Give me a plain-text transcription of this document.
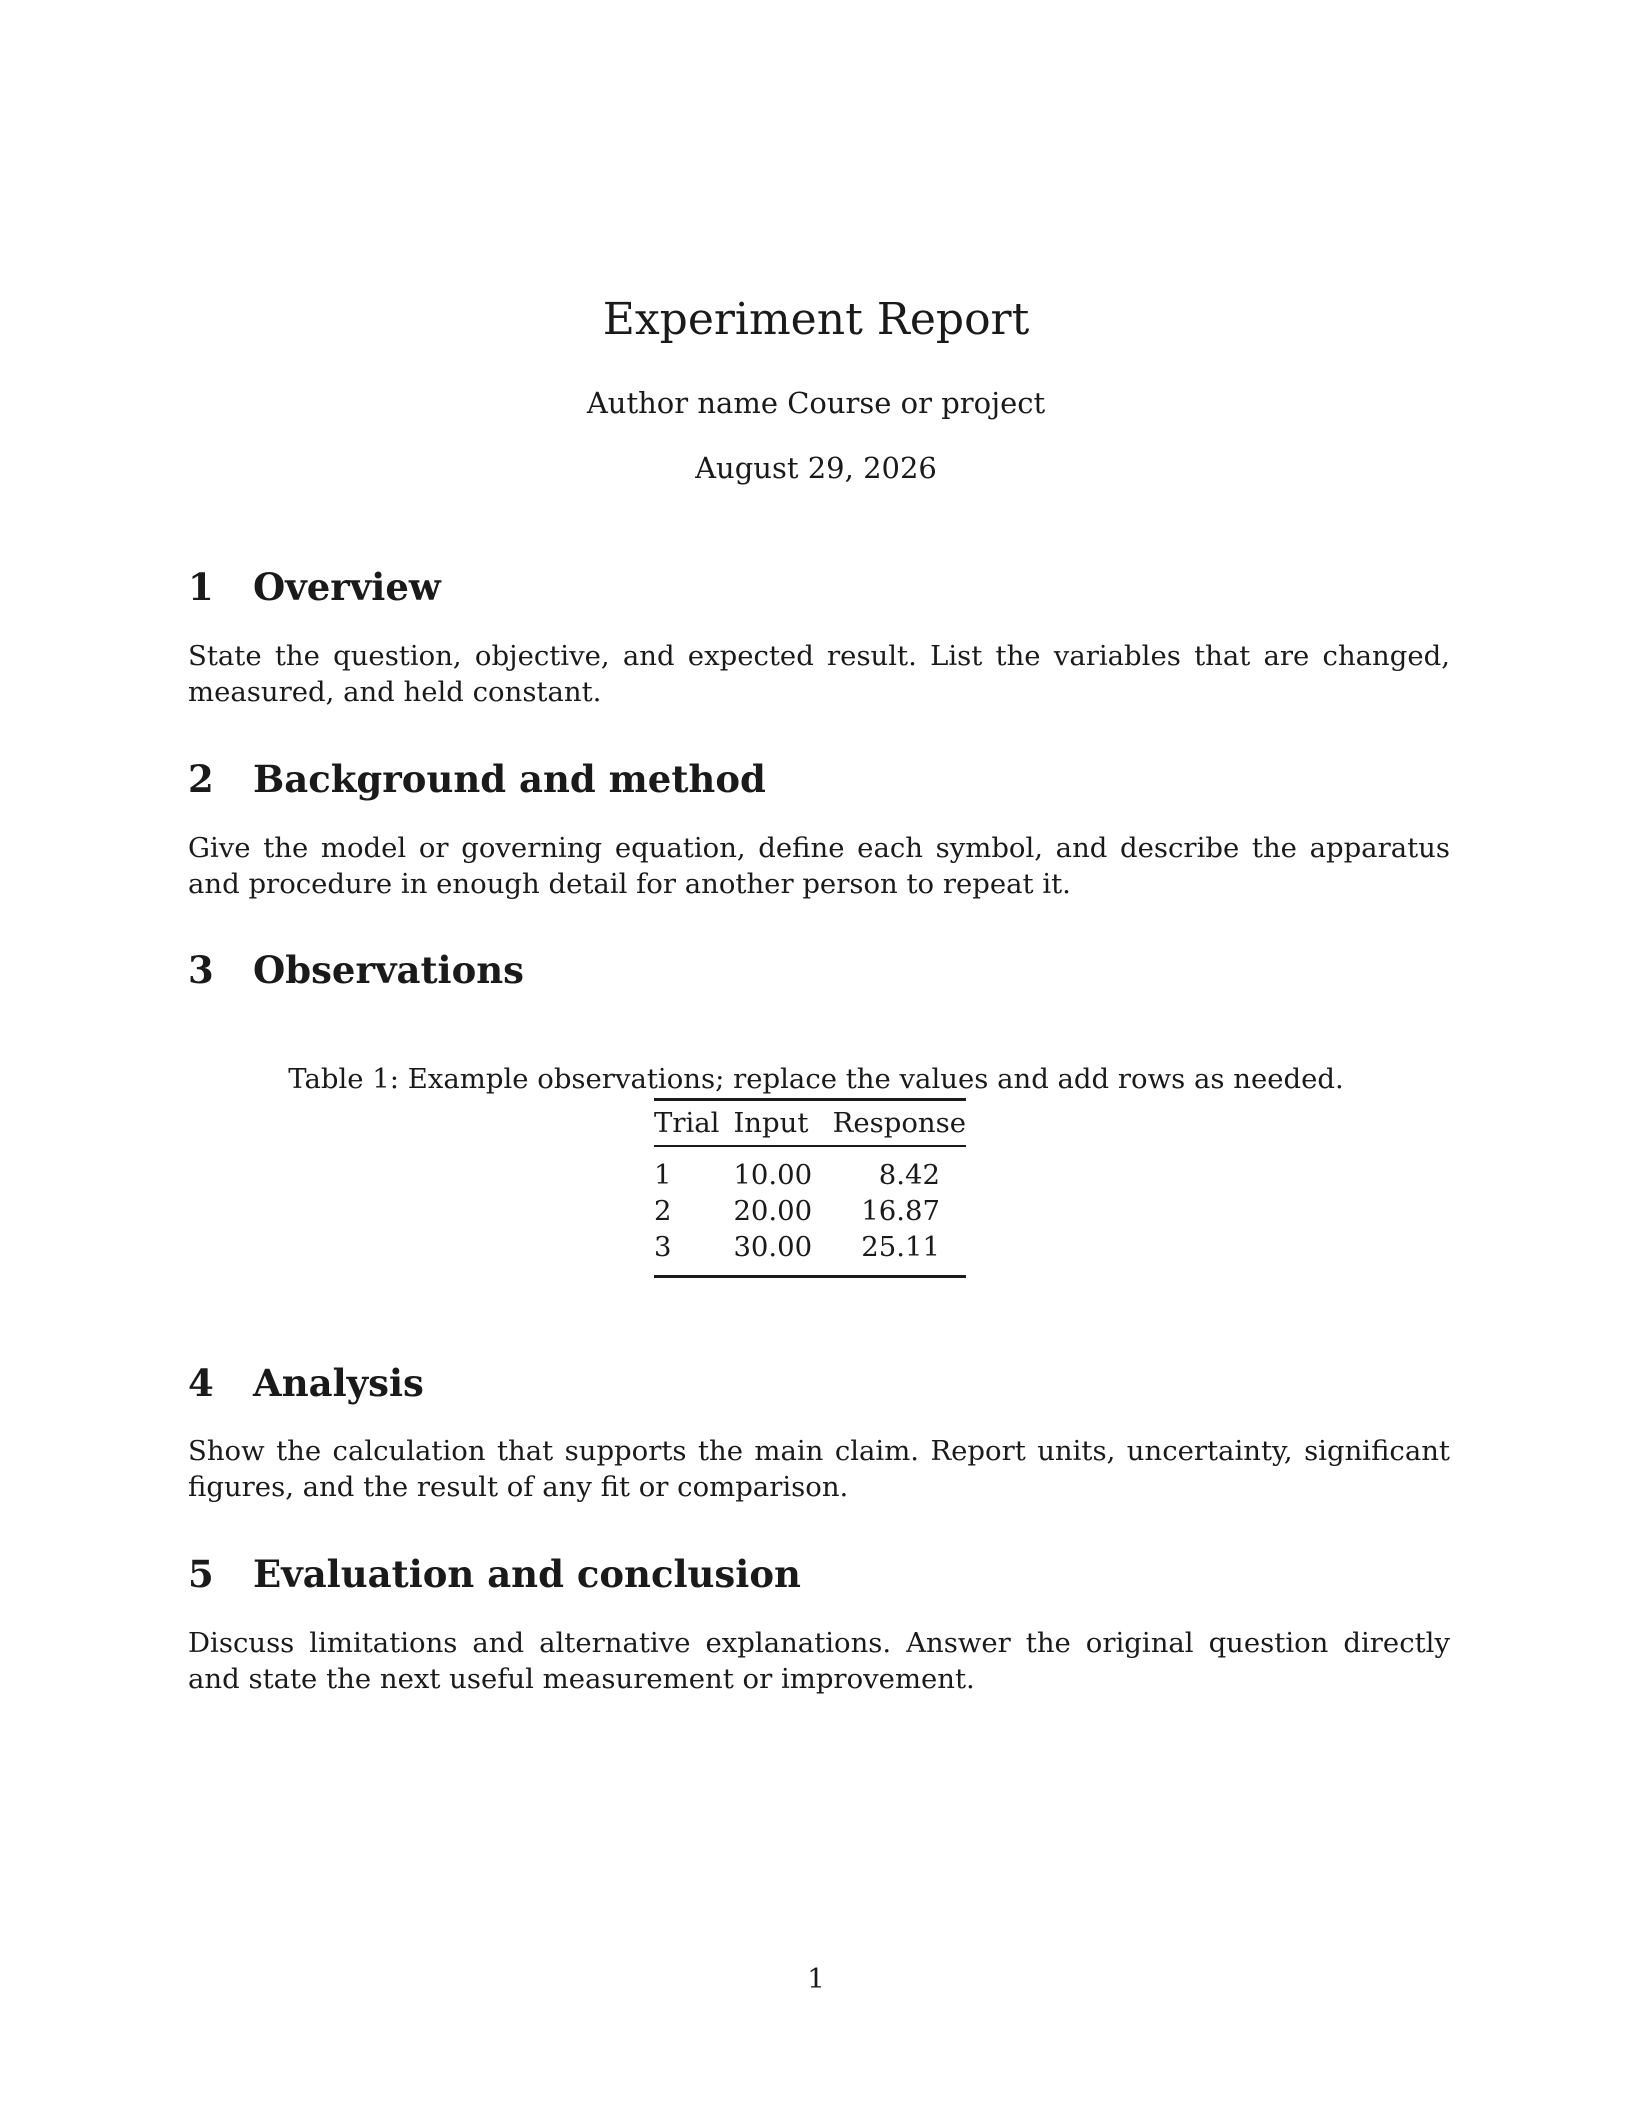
Experiment Report
Author name Course or project
August 29, 2026
1 Overview

State the question, objective, and expected result. List the variables that are changed, measured, and held constant.

2 Background and method

Give the model or governing equation, define each symbol, and describe the apparatus and procedure in enough detail for another person to repeat it.

3 Observations
Table 1: Example observations; replace the values and add rows as needed.
Trial	Input	Response
1	10.00	8.42
2	20.00	16.87
3	30.00	25.11
4 Analysis

Show the calculation that supports the main claim. Report units, uncertainty, significant figures, and the result of any fit or comparison.

5 Evaluation and conclusion

Discuss limitations and alternative explanations. Answer the original question directly and state the next useful measurement or improvement.

1
